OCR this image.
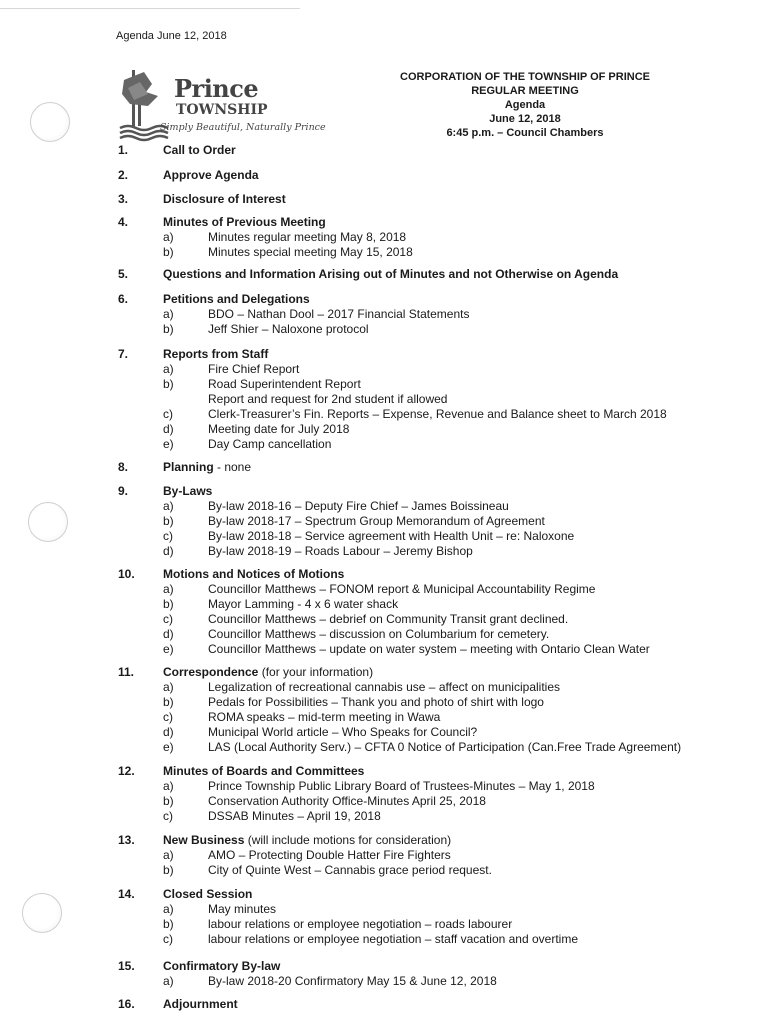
Agenda June 12, 2018
Prince
TOWNSHIP
Simply Beautiful, Naturally Prince
CORPORATION OF THE TOWNSHIP OF PRINCE
REGULAR MEETING
Agenda
June 12, 2018
6:45 p.m. – Council Chambers
1.	Call to Order
2.	Approve Agenda
3.	Disclosure of Interest
4.	Minutes of Previous Meeting
a)	Minutes regular meeting May 8, 2018
b)	Minutes special meeting May 15, 2018
5.	Questions and Information Arising out of Minutes and not Otherwise on Agenda
6.	Petitions and Delegations
a)	BDO – Nathan Dool – 2017 Financial Statements
b)	Jeff Shier – Naloxone protocol
7.	Reports from Staff
a)	Fire Chief Report
b)	Road Superintendent Report
Report and request for 2nd student if allowed
c)	Clerk-Treasurer’s Fin. Reports – Expense, Revenue and Balance sheet to March 2018
d)	Meeting date for July 2018
e)	Day Camp cancellation
8.	Planning - none
9.	By-Laws
a)	By-law 2018-16 – Deputy Fire Chief – James Boissineau
b)	By-law 2018-17 – Spectrum Group Memorandum of Agreement
c)	By-law 2018-18 – Service agreement with Health Unit – re: Naloxone
d)	By-law 2018-19 – Roads Labour – Jeremy Bishop
10.	Motions and Notices of Motions
a)	Councillor Matthews – FONOM report & Municipal Accountability Regime
b)	Mayor Lamming - 4 x 6 water shack
c)	Councillor Matthews – debrief on Community Transit grant declined.
d)	Councillor Matthews – discussion on Columbarium for cemetery.
e)	Councillor Matthews – update on water system – meeting with Ontario Clean Water
11.	Correspondence (for your information)
a)	Legalization of recreational cannabis use – affect on municipalities
b)	Pedals for Possibilities – Thank you and photo of shirt with logo
c)	ROMA speaks – mid-term meeting in Wawa
d)	Municipal World article – Who Speaks for Council?
e)	LAS (Local Authority Serv.) – CFTA 0 Notice of Participation (Can.Free Trade Agreement)
12.	Minutes of Boards and Committees
a)	Prince Township Public Library Board of Trustees-Minutes – May 1, 2018
b)	Conservation Authority Office-Minutes April 25, 2018
c)	DSSAB Minutes – April 19, 2018
13.	New Business (will include motions for consideration)
a)	AMO – Protecting Double Hatter Fire Fighters
b)	City of Quinte West – Cannabis grace period request.
14.	Closed Session
a)	May minutes
b)	labour relations or employee negotiation – roads labourer
c)	labour relations or employee negotiation – staff vacation and overtime
15.	Confirmatory By-law
a)	By-law 2018-20 Confirmatory May 15 & June 12, 2018
16.	Adjournment
